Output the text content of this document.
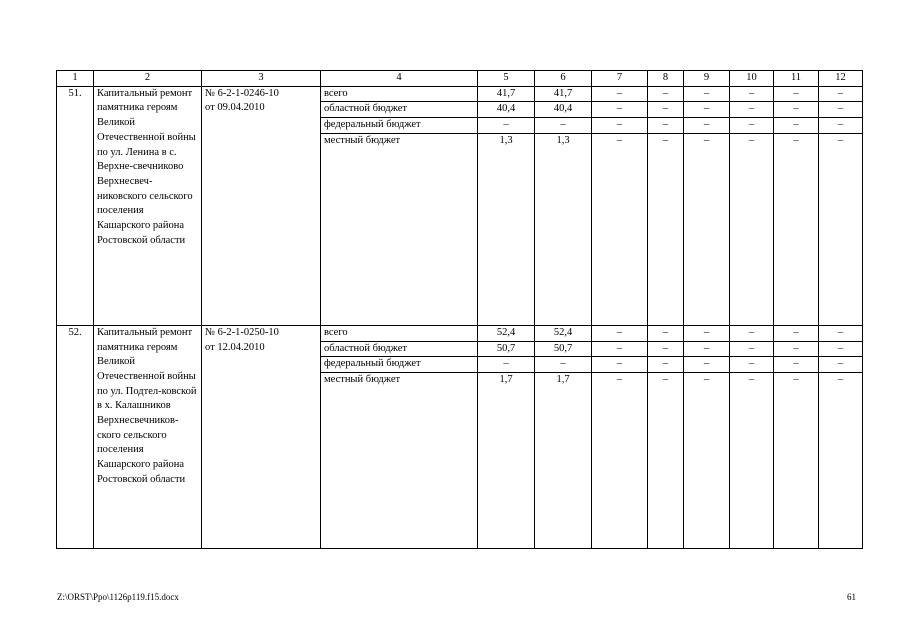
1	2	3	4	5	6	7	8	9	10	11	12
51.	Капитальный ремонт памятника героям Великой Отечественной войны по ул. Ленина в с. Верхне-свечниково Верхнесвеч-никовского сельского поселения Кашарского района Ростовской области	№ 6-2-1-0246-10
от 09.04.2010	всего	41,7	41,7	–	–	–	–	–	–
			областной бюджет	40,4	40,4	–	–	–	–	–	–
			федеральный бюджет	–	–	–	–	–	–	–	–
			местный бюджет	1,3	1,3	–	–	–	–	–	–
52.	Капитальный ремонт памятника героям Великой Отечественной войны по ул. Подтел-ковской в х. Калашников Верхнесвечников-ского сельского поселения Кашарского района Ростовской области	№ 6-2-1-0250-10
от 12.04.2010	всего	52,4	52,4	–	–	–	–	–	–
			областной бюджет	50,7	50,7	–	–	–	–	–	–
			федеральный бюджет	–	–	–	–	–	–	–	–
			местный бюджет	1,7	1,7	–	–	–	–	–	–
Z:\ORST\Ppo\1126p119.f15.docx	61
